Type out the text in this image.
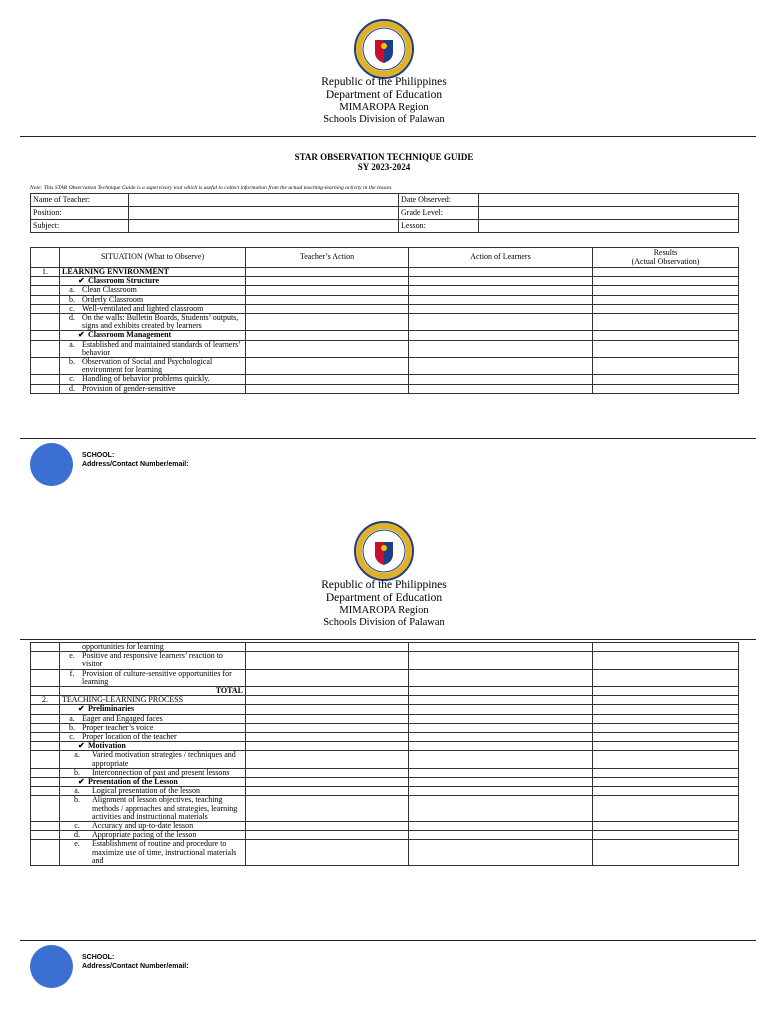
Republic of the Philippines
Department of Education
MIMAROPA Region
Schools Division of Palawan
STAR OBSERVATION TECHNIQUE GUIDE
SY 2023-2024
Note: This STAR Observation Technique Guide is a supervisory tool which is useful to collect information from the actual teaching-learning activity in the lesson.
Name of Teacher:		Date Observed:	
Position:		Grade Level:	
Subject:		Lesson:	
	SITUATION (What to Observe)	Teacher’s Action	Action of Learners	Results
(Actual Observation)
1.	LEARNING ENVIRONMENT			
	✔ Classroom Structure			

	a. Clean Classroom			

	b. Orderly Classroom			

	c. Well-ventilated and lighted classroom			

	d. On the walls: Bulletin Boards, Students’ outputs, signs and exhibits created by learners			

	✔ Classroom Management			

	a. Established and maintained standards of learners’ behavior			

	b. Observation of Social and Psychological environment for learning			

	c. Handling of behavior problems quickly.			

	d. Provision of gender-sensitive			

SCHOOL:
Address/Contact Number/email:
Republic of the Philippines
Department of Education
MIMAROPA Region
Schools Division of Palawan

	opportunities for learning			

	e. Positive and responsive learners’ reaction to visitor			

	f. Provision of culture-sensitive opportunities for learning			

	TOTAL			
2.	TEACHING-LEARNING PROCESS			
	✔ Preliminaries			

	a. Eager and Engaged faces			

	b. Proper teacher’s voice			

	c. Proper location of the teacher			

	✔ Motivation			

	a. Varied motivation strategies / techniques and appropriate			

	b. Interconnection of past and present lessons			

	✔ Presentation of the Lesson			

	a. Logical presentation of the lesson			

	b. Alignment of lesson objectives, teaching methods / approaches and strategies, learning activities and instructional materials			

	c. Accuracy and up-to-date lesson			

	d. Appropriate pacing of the lesson			

	e. Establishment of routine and procedure to maximize use of time, instructional materials and			

SCHOOL:
Address/Contact Number/email:
